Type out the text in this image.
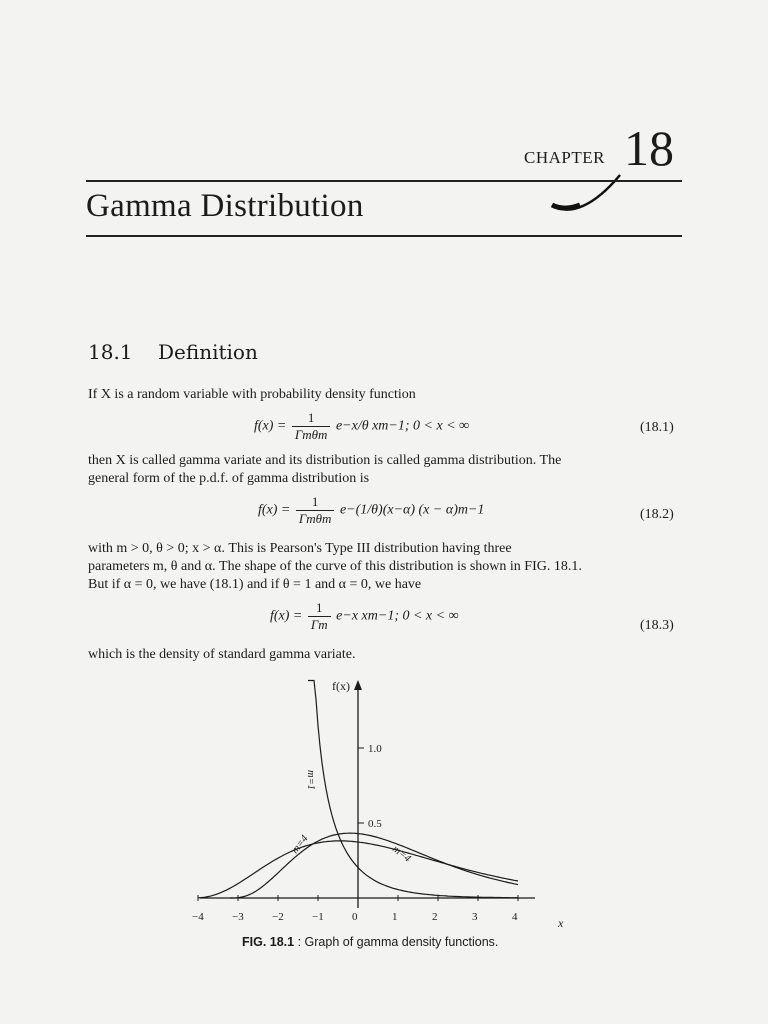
CHAPTER 18
Gamma Distribution
18.1 Definition
If X is a random variable with probability density function
$f(x) = \frac{1}{\text{Γmθm}} e-x/\theta$ xm−1; 0 < x < ∞	(18.1)
then X is called gamma variate and its distribution is called gamma distribution. The
general form of the p.d.f. of gamma distribution is
$f(x) = \frac{1}{\text{Γmθm}} e-(1/\theta)(x-\alpha) (x - \alpha)m-1$	(18.2)
with m > 0, θ > 0; x > α. This is Pearson's Type III distribution having three
parameters m, θ and α. The shape of the curve of this distribution is shown in FIG. 18.1.
But if α = 0, we have (18.1) and if θ = 1 and α = 0, we have
$f(x) = \frac{1}{\Gamma m} e-x$ xm−1; 0 < x < ∞
(18.3)
which is the density of standard gamma variate.
f(x)
x
−4	−3	−2	−1	0	1	2	3	4
1.0
0.5
m=1
m=4	m=4
FIG. 18.1 : Graph of gamma density functions.
